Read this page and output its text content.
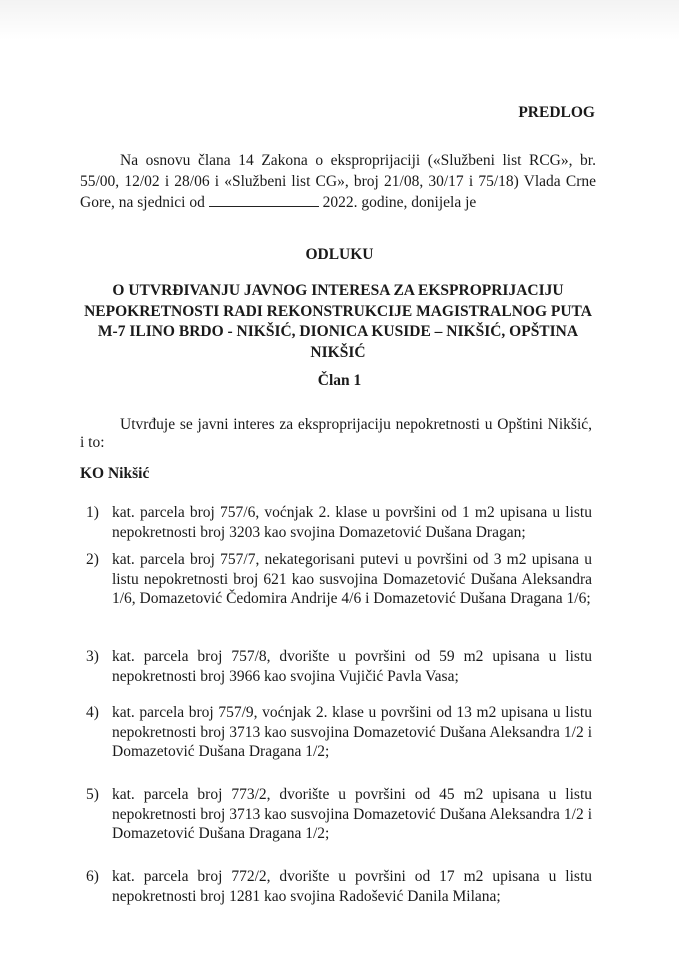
PREDLOG
Na osnovu člana 14 Zakona o eksproprijaciji («Službeni list RCG», br. 55/00, 12/02 i 28/06 i «Službeni list CG», broj 21/08, 30/17 i 75/18) Vlada Crne Gore, na sjednici od	2022. godine, donijela je
ODLUKU
O UTVRĐIVANJU JAVNOG INTERESA ZA EKSPROPRIJACIJU NEPOKRETNOSTI RADI REKONSTRUKCIJE MAGISTRALNOG PUTA M-7 ILINO BRDO - NIKŠIĆ, DIONICA KUSIDE – NIKŠIĆ, OPŠTINA NIKŠIĆ
Član 1
Utvrđuje se javni interes za eksproprijaciju nepokretnosti u Opštini Nikšić, i to:
KO Nikšić
1) kat. parcela broj 757/6, voćnjak 2. klase u površini od 1 m2 upisana u listu nepokretnosti broj 3203 kao svojina Domazetović Dušana Dragan;
2) kat. parcela broj 757/7, nekategorisani putevi u površini od 3 m2 upisana u listu nepokretnosti broj 621 kao susvojina Domazetović Dušana Aleksandra 1/6, Domazetović Čedomira Andrije 4/6 i Domazetović Dušana Dragana 1/6;
3) kat. parcela broj 757/8, dvorište u površini od 59 m2 upisana u listu nepokretnosti broj 3966 kao svojina Vujičić Pavla Vasa;
4) kat. parcela broj 757/9, voćnjak 2. klase u površini od 13 m2 upisana u listu nepokretnosti broj 3713 kao susvojina Domazetović Dušana Aleksandra 1/2 i Domazetović Dušana Dragana 1/2;
5) kat. parcela broj 773/2, dvorište u površini od 45 m2 upisana u listu nepokretnosti broj 3713 kao susvojina Domazetović Dušana Aleksandra 1/2 i Domazetović Dušana Dragana 1/2;
6) kat. parcela broj 772/2, dvorište u površini od 17 m2 upisana u listu nepokretnosti broj 1281 kao svojina Radošević Danila Milana;
